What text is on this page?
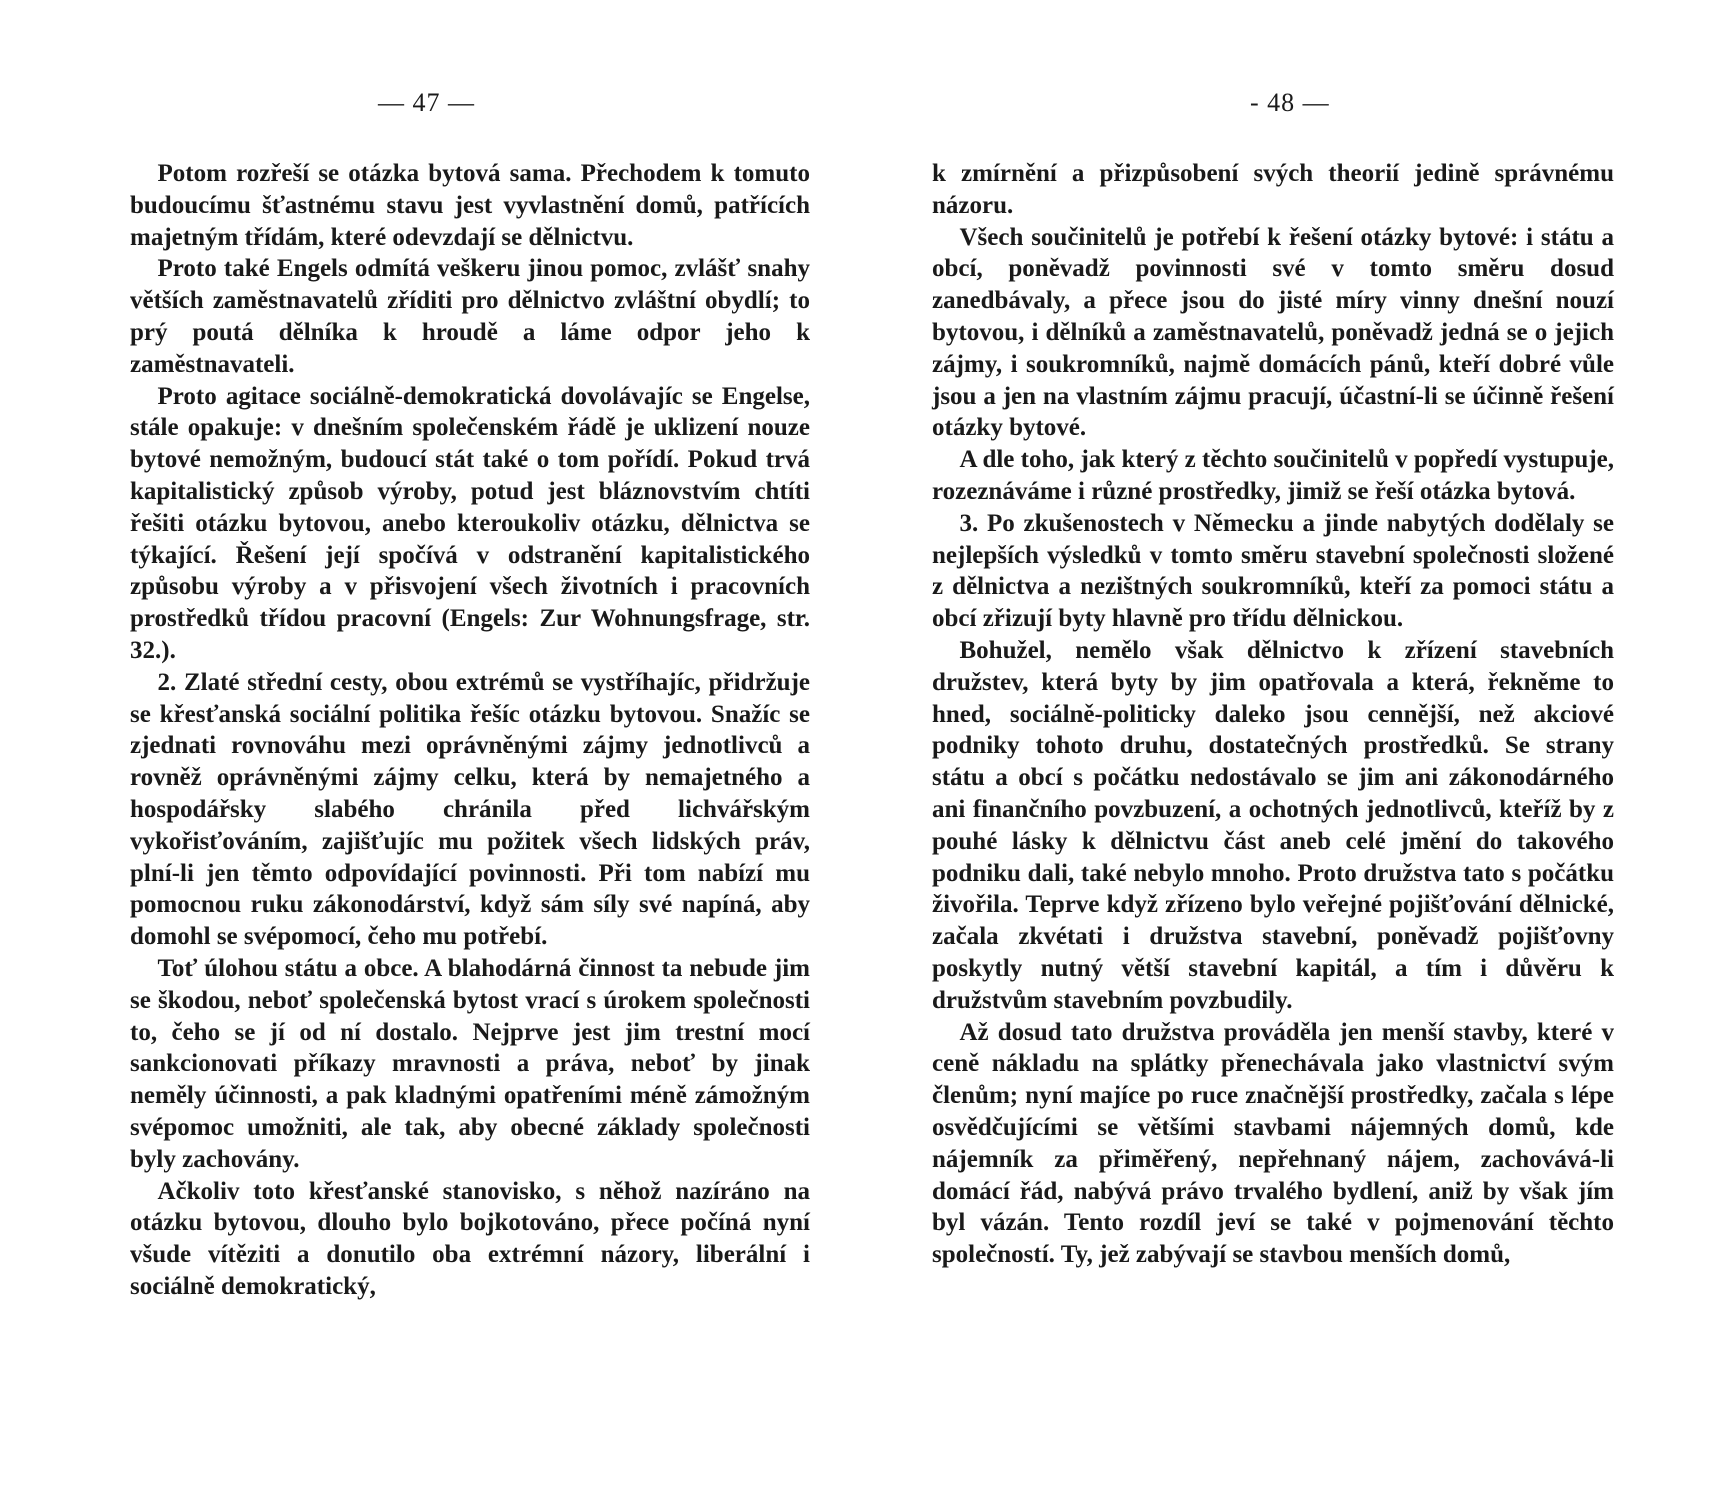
— 47 —

Potom rozřeší se otázka bytová sama. Přechodem k tomuto budoucímu šťastnému stavu jest vyvlastnění domů, patřících majetným třídám, které odevzdají se dělnictvu.

Proto také Engels odmítá veškeru jinou pomoc, zvlášť snahy větších zaměstnavatelů zříditi pro dělnictvo zvláštní obydlí; to prý poutá dělníka k hroudě a láme odpor jeho k zaměstnavateli.

Proto agitace sociálně-demokratická dovolávajíc se Engelse, stále opakuje: v dnešním společenském řádě je uklizení nouze bytové nemožným, budoucí stát také o tom pořídí. Pokud trvá kapitalistický způsob výroby, potud jest bláznovstvím chtíti řešiti otázku bytovou, anebo kteroukoliv otázku, dělnictva se týkající. Řešení její spočívá v odstranění kapitalistického způsobu výroby a v přisvojení všech životních i pracovních prostředků třídou pracovní (Engels: Zur Wohnungsfrage, str. 32.).

2. Zlaté střední cesty, obou extrémů se vystříhajíc, přidržuje se křesťanská sociální politika řešíc otázku bytovou. Snažíc se zjednati rovnováhu mezi oprávněnými zájmy jednotlivců a rovněž oprávněnými zájmy celku, která by nemajetného a hospodářsky slabého chránila před lichvářským vykořisťováním, zajišťujíc mu požitek všech lidských práv, plní-li jen těmto odpovídající povinnosti. Při tom nabízí mu pomocnou ruku zákonodárství, když sám síly své napíná, aby domohl se svépomocí, čeho mu potřebí.

Toť úlohou státu a obce. A blahodárná činnost ta nebude jim se škodou, neboť společenská bytost vrací s úrokem společnosti to, čeho se jí od ní dostalo. Nejprve jest jim trestní mocí sankcionovati příkazy mravnosti a práva, neboť by jinak neměly účinnosti, a pak kladnými opatřeními méně zámožným svépomoc umožniti, ale tak, aby obecné základy společnosti byly zachovány.

Ačkoliv toto křesťanské stanovisko, s něhož nazíráno na otázku bytovou, dlouho bylo bojkotováno, přece počíná nyní všude vítěziti a donutilo oba extrémní názory, liberální i sociálně demokratický,

- 48 —

k zmírnění a přizpůsobení svých theorií jedině správnému názoru.

Všech součinitelů je potřebí k řešení otázky bytové: i státu a obcí, poněvadž povinnosti své v tomto směru dosud zanedbávaly, a přece jsou do jisté míry vinny dnešní nouzí bytovou, i dělníků a zaměstnavatelů, poněvadž jedná se o jejich zájmy, i soukromníků, najmě domácích pánů, kteří dobré vůle jsou a jen na vlastním zájmu pracují, účastní-li se účinně řešení otázky bytové.

A dle toho, jak který z těchto součinitelů v popředí vystupuje, rozeznáváme i různé prostředky, jimiž se řeší otázka bytová.

3. Po zkušenostech v Německu a jinde nabytých dodělaly se nejlepších výsledků v tomto směru stavební společnosti složené z dělnictva a nezištných soukromníků, kteří za pomoci státu a obcí zřizují byty hlavně pro třídu dělnickou.

Bohužel, nemělo však dělnictvo k zřízení stavebních družstev, která byty by jim opatřovala a která, řekněme to hned, sociálně-politicky daleko jsou cennější, než akciové podniky tohoto druhu, dostatečných prostředků. Se strany státu a obcí s počátku nedostávalo se jim ani zákonodárného ani finančního povzbuzení, a ochotných jednotlivců, kteříž by z pouhé lásky k dělnictvu část aneb celé jmění do takového podniku dali, také nebylo mnoho. Proto družstva tato s počátku živořila. Teprve když zřízeno bylo veřejné pojišťování dělnické, začala zkvétati i družstva stavební, poněvadž pojišťovny poskytly nutný větší stavební kapitál, a tím i důvěru k družstvům stavebním povzbudily.

Až dosud tato družstva prováděla jen menší stavby, které v ceně nákladu na splátky přenechávala jako vlastnictví svým členům; nyní majíce po ruce značnější prostředky, začala s lépe osvědčujícími se většími stavbami nájemných domů, kde nájemník za přiměřený, nepřehnaný nájem, zachovává-li domácí řád, nabývá právo trvalého bydlení, aniž by však jím byl vázán. Tento rozdíl jeví se také v pojmenování těchto společností. Ty, jež zabývají se stavbou menších domů,
